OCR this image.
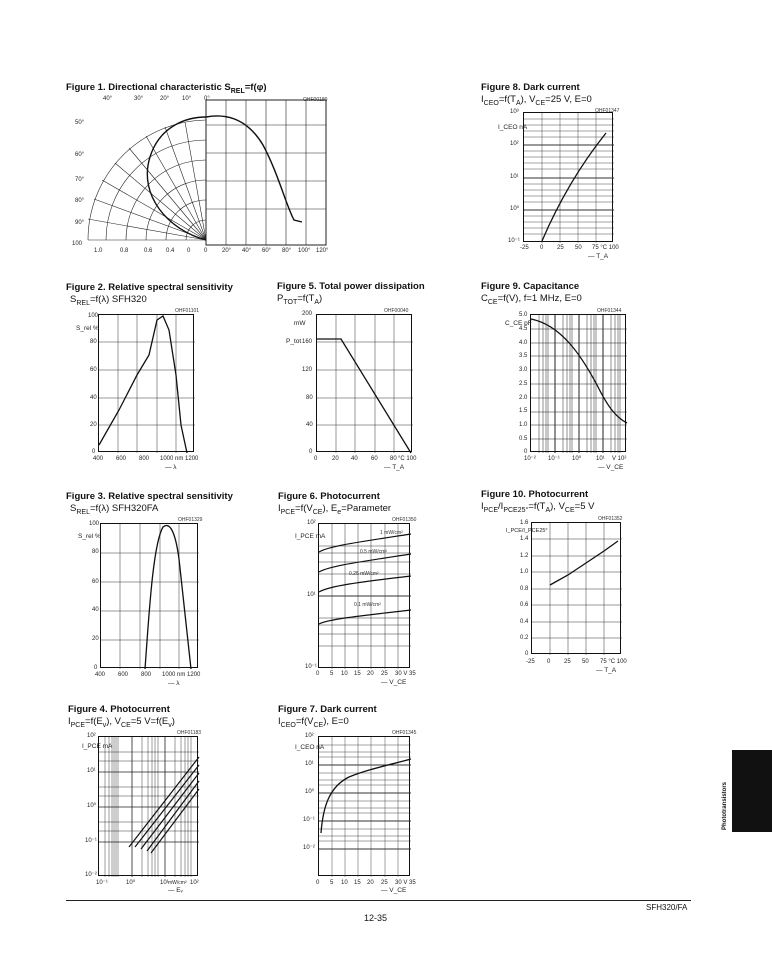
Figure 1. Directional characteristic $S_{REL}=f(\varphi)$
OHF00180
50°
60°
70°
80°
90°
100
40°	30°	20° 10° 0°
1.0	0.8	0.6 0.4 0 0 20° 40° 60° 80° 100° 120°
Figure 2. Relative spectral sensitivity
$S_{REL}=f(\lambda)$ SFH320
OHF01101
S_rel %
100
80
60
40
20
0
400 600 800 1000 nm 1200
— λ
Figure 3. Relative spectral sensitivity
$S_{REL}=f(\lambda)$ SFH320FA
OHF01329
S_rel %
100
80
60
40
20
0
400 600 800 1000 nm 1200
— λ
Figure 4. Photocurrent
$I_{PCE}=f(E_v)$, $V_{CE}=5$ $V=f(E_v)$
OHF01183
I_PCE mA
10²
10¹
10⁰
10⁻¹
10⁻²
10⁻¹	10⁰	10¹	10²
mW/cm²
— Eᵥ
Figure 5. Total power dissipation
$P_{TOT}=f(T_A)$
OHF00040
mW
P_tot
200
160
120
80
40
0
0 20 40 60 80 °C 100
— T_A
Figure 6. Photocurrent
$I_{PCE}=f(V_{CE})$, $E_e=Parameter$
OHF01350
I_PCE mA	1 mW/cm²
0.5 mW/cm²
0.25 mW/cm²
0.1 mW/cm²
10²
10¹
10⁻¹
0 5 10 15 20 25 30 V 35
— V_CE
Figure 7. Dark current
$I_{CEO}=f(V_{CE})$, E=0
OHF01345
I_CEO nA
10²
10¹
10⁰
10⁻¹
10⁻²
0 5 10 15 20 25 30 V 35
— V_CE
Figure 8. Dark current
$I_{CEO}=f(T_A)$, $V_{CE}=25$ V, E=0
OHF01347
I_CEO nA
10³
10²
10¹
10⁰
10⁻¹
-25 0 25 50 75 °C 100
— T_A
Figure 9. Capacitance
$C_{CE}=f(V)$, f=1 MHz, E=0
OHF01344
C_CE pF
5.0
4.5
4.0
3.5
3.0
2.5
2.0
1.5
1.0
0.5
0
10⁻² 10⁻¹ 10⁰ 10¹ V 10²
— V_CE
Figure 10. Photocurrent
$I_{PCE}/I_{PCE25^\circ}=f(T_A)$, $V_{CE}=5$ V
OHF01352
I_PCE/I_PCE25°
1.6
1.4
1.2
1.0
0.8
0.6
0.4
0.2
0
-25 0 25 50 75 °C 100
— T_A
12-35
SFH320/FA
Phototransistors
